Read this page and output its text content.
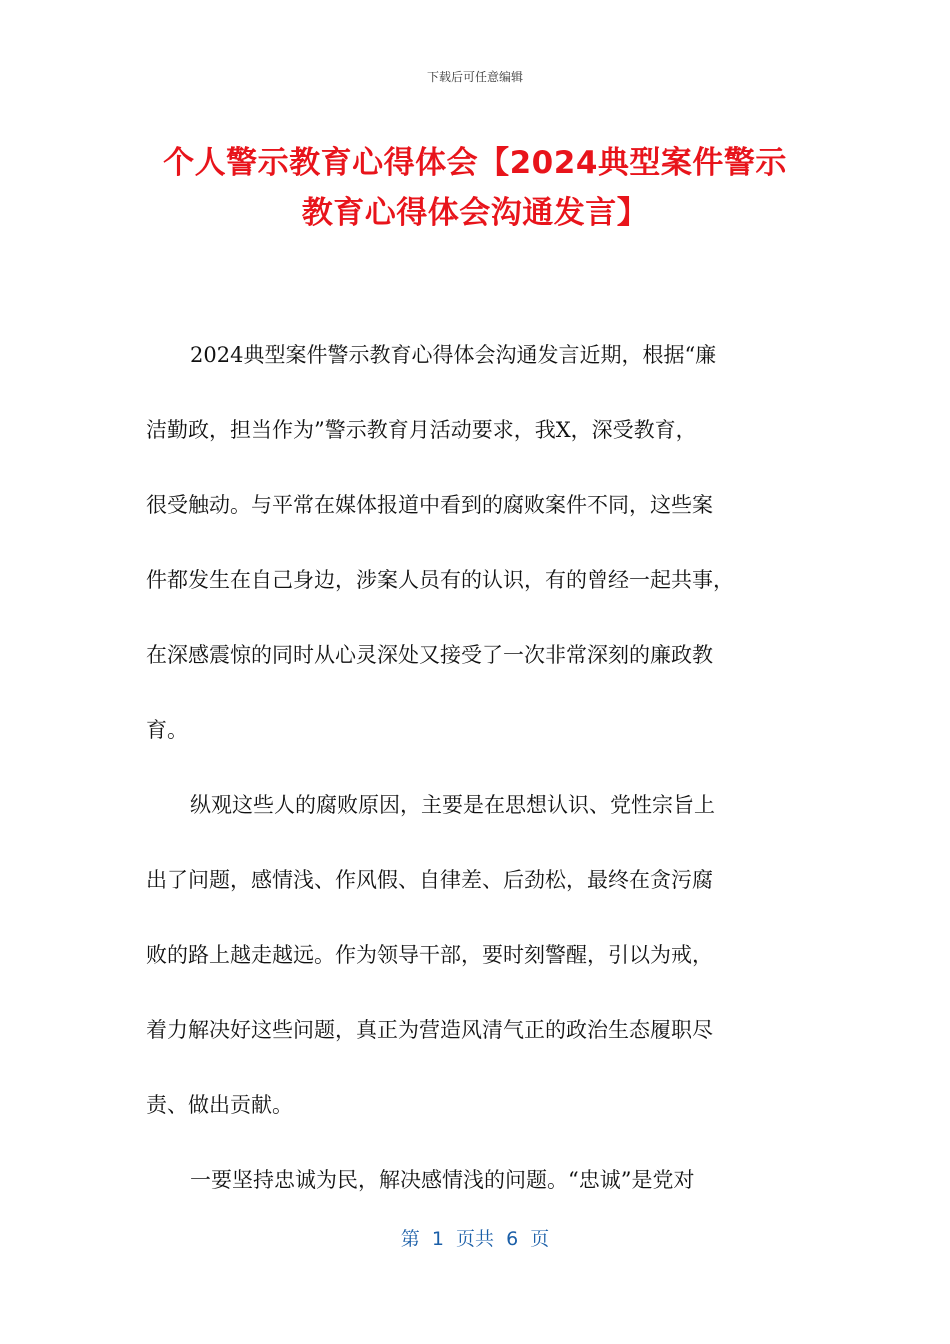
下载后可任意编辑
个人警示教育心得体会【2024典型案件警示
教育心得体会沟通发言】
2024典型案件警示教育心得体会沟通发言近期，根据“廉
洁勤政，担当作为”警示教育月活动要求，我X，深受教育，
很受触动。与平常在媒体报道中看到的腐败案件不同，这些案
件都发生在自己身边，涉案人员有的认识，有的曾经一起共事，
在深感震惊的同时从心灵深处又接受了一次非常深刻的廉政教
育。
纵观这些人的腐败原因，主要是在思想认识、党性宗旨上
出了问题，感情浅、作风假、自律差、后劲松，最终在贪污腐
败的路上越走越远。作为领导干部，要时刻警醒，引以为戒，
着力解决好这些问题，真正为营造风清气正的政治生态履职尽
责、做出贡献。
一要坚持忠诚为民，解决感情浅的问题。“忠诚”是党对
第  1  页共  6  页
